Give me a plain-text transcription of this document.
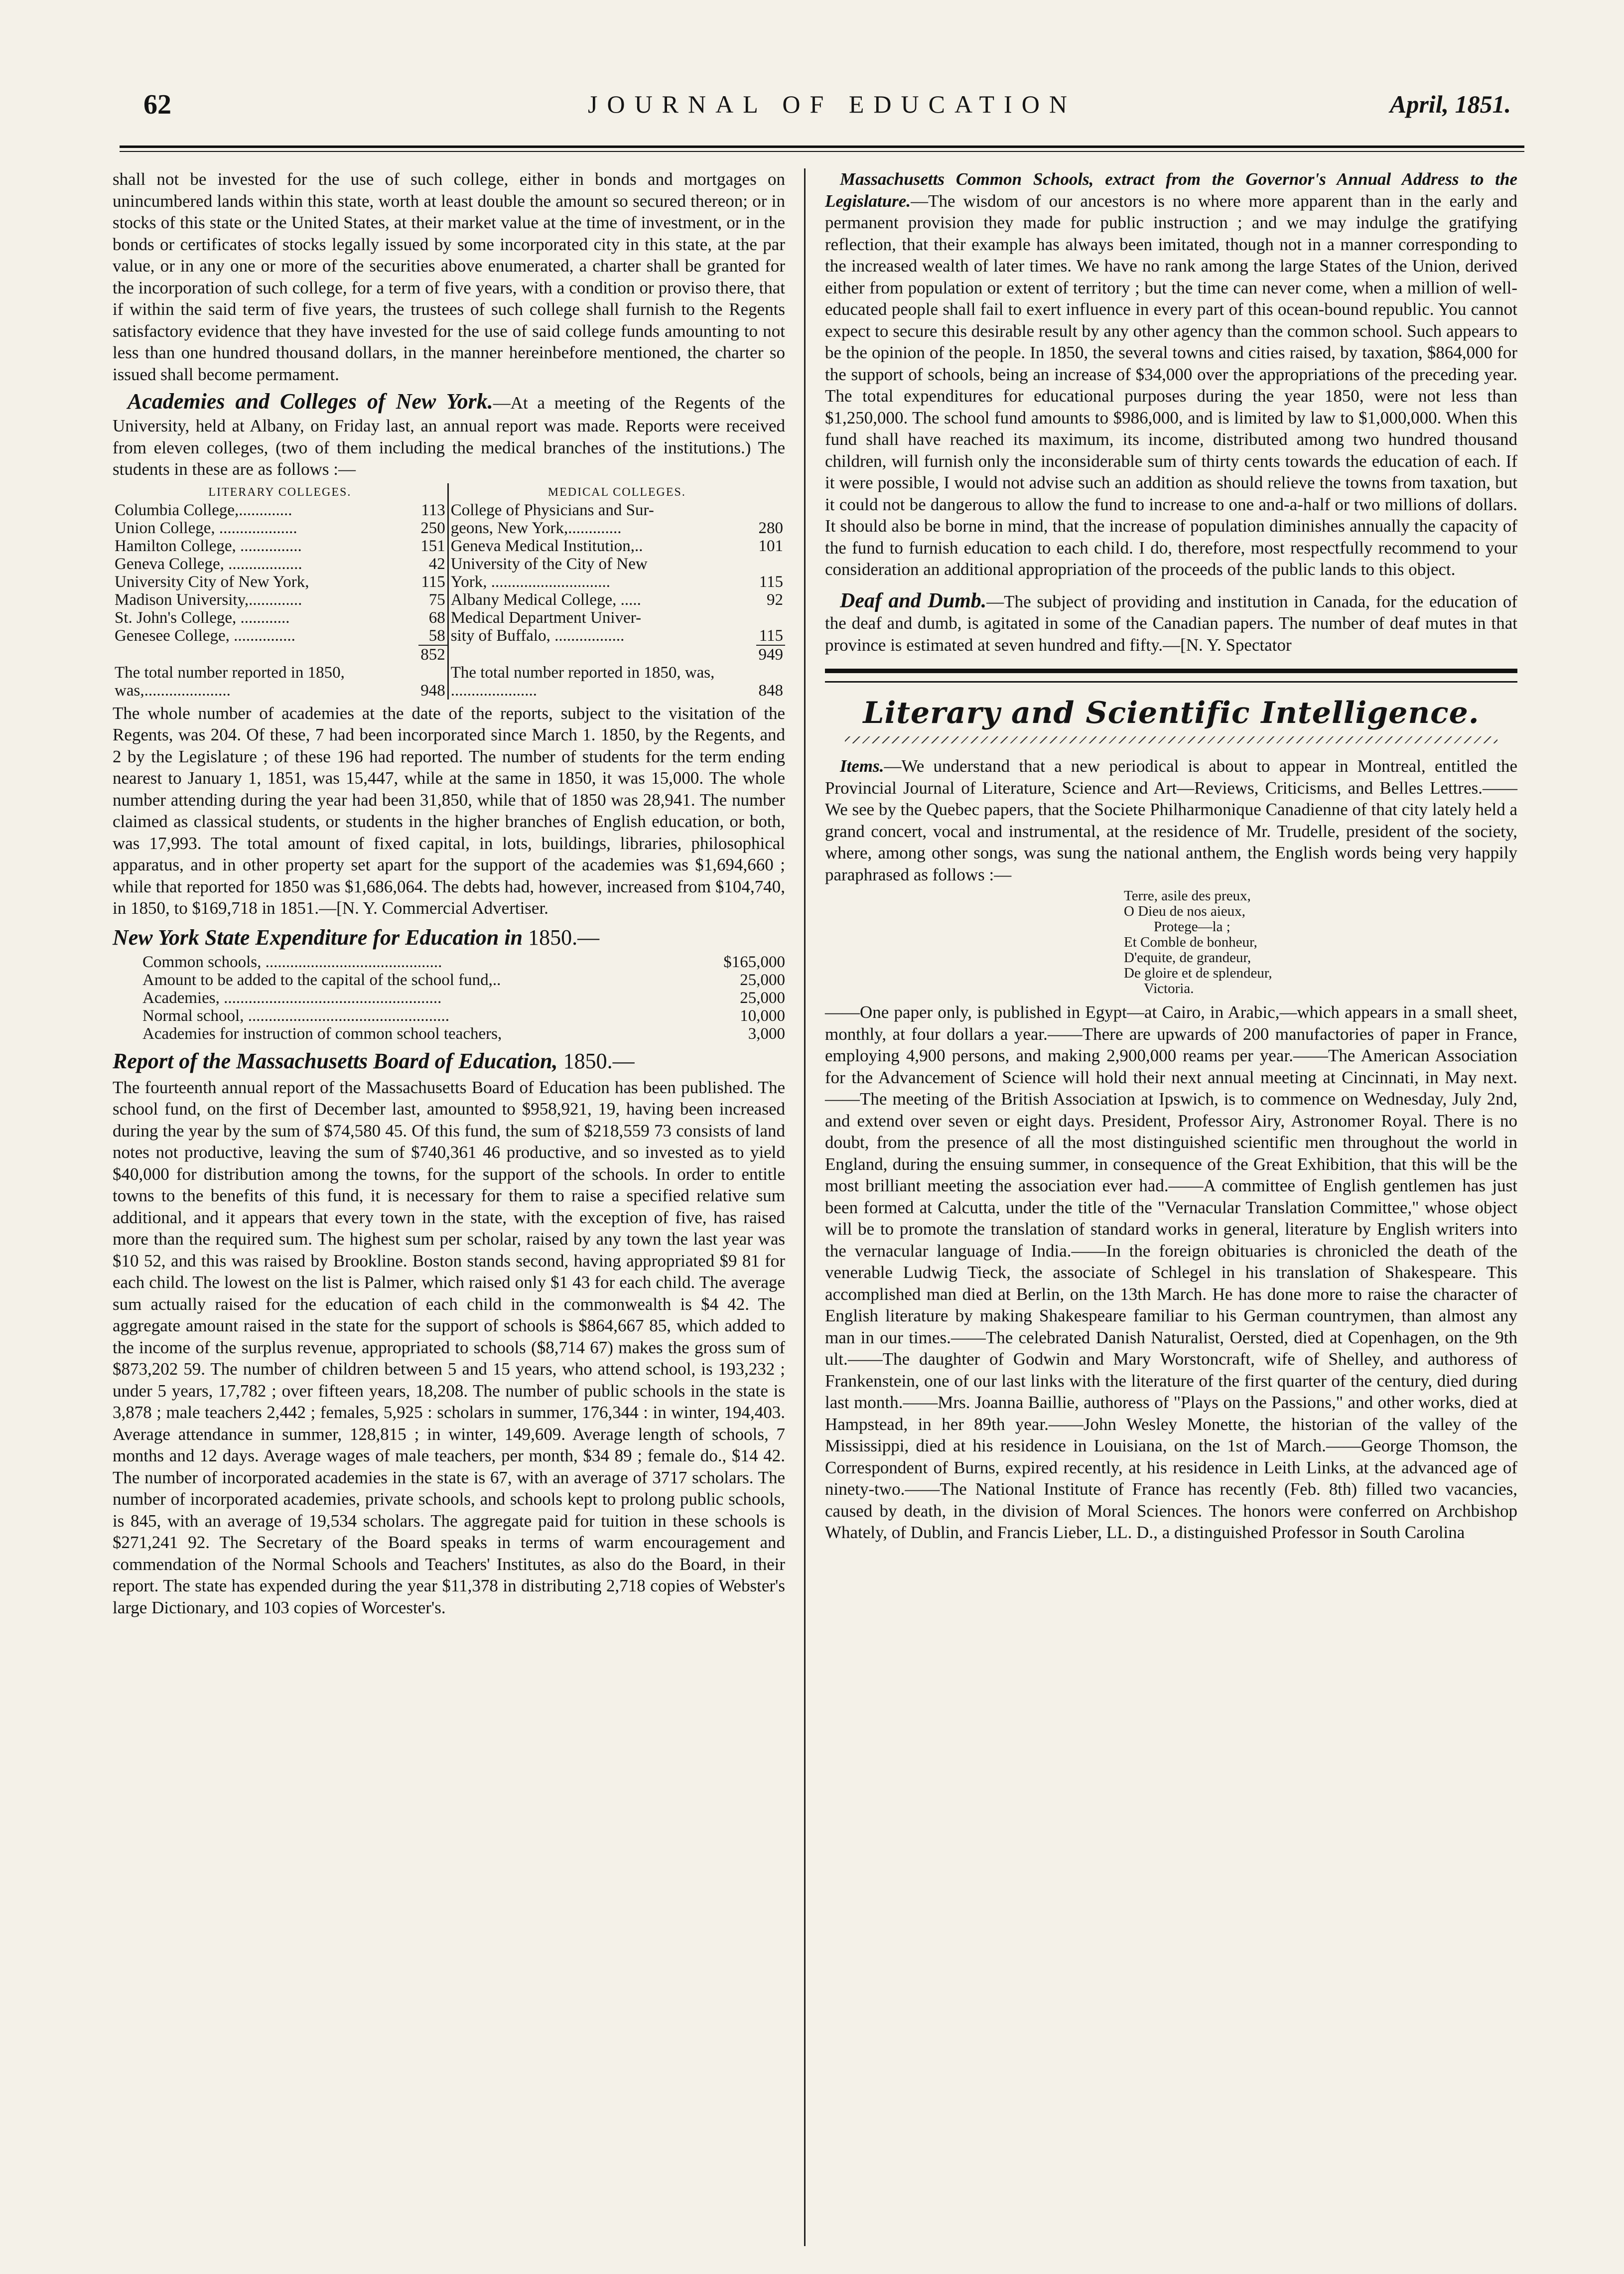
62	JOURNAL OF EDUCATION	April, 1851.

shall not be invested for the use of such college, either in bonds and mortgages on unincumbered lands within this state, worth at least double the amount so secured thereon; or in stocks of this state or the United States, at their market value at the time of investment, or in the bonds or certificates of stocks legally issued by some incorporated city in this state, at the par value, or in any one or more of the securities above enumerated, a charter shall be granted for the incorporation of such college, for a term of five years, with a condition or proviso there, that if within the said term of five years, the trustees of such college shall furnish to the Regents satisfactory evidence that they have invested for the use of said college funds amounting to not less than one hundred thousand dollars, in the manner hereinbefore mentioned, the charter so issued shall become permament.

Academies and Colleges of New York.—At a meeting of the Regents of the University, held at Albany, on Friday last, an annual report was made. Reports were received from eleven colleges, (two of them including the medical branches of the institutions.) The students in these are as follows :—

LITERARY COLLEGES.		MEDICAL COLLEGES.	
Columbia College,.............	113	College of Physicians and Sur-	
Union College, ...................	250	geons, New York,.............	280
Hamilton College, ...............	151	Geneva Medical Institution,..	101
Geneva College, ..................	42	University of the City of New	
University City of New York,	115	York, .............................	115
Madison University,.............	75	Albany Medical College, .....	92
St. John's College, ............	68	Medical Department Univer-	
Genesee College, ...............	58	sity of Buffalo, .................	115
	852		949
The total number reported in 1850, was,.....................	948	The total number reported in 1850, was, .....................	848

The whole number of academies at the date of the reports, subject to the visitation of the Regents, was 204. Of these, 7 had been incorporated since March 1. 1850, by the Regents, and 2 by the Legislature ; of these 196 had reported. The number of students for the term ending nearest to January 1, 1851, was 15,447, while at the same in 1850, it was 15,000. The whole number attending during the year had been 31,850, while that of 1850 was 28,941. The number claimed as classical students, or students in the higher branches of English education, or both, was 17,993. The total amount of fixed capital, in lots, buildings, libraries, philosophical apparatus, and in other property set apart for the support of the academies was $1,694,660 ; while that reported for 1850 was $1,686,064. The debts had, however, increased from $104,740, in 1850, to $169,718 in 1851.—[N. Y. Commercial Advertiser.

New York State Expenditure for Education in 1850.—
Common schools, ...........................................	$165,000
Amount to be added to the capital of the school fund,..	25,000
Academies, .....................................................	25,000
Normal school, .................................................	10,000
Academies for instruction of common school teachers,	3,000
Report of the Massachusetts Board of Education, 1850.—

The fourteenth annual report of the Massachusetts Board of Education has been published. The school fund, on the first of December last, amounted to $958,921, 19, having been increased during the year by the sum of $74,580 45. Of this fund, the sum of $218,559 73 consists of land notes not productive, leaving the sum of $740,361 46 productive, and so invested as to yield $40,000 for distribution among the towns, for the support of the schools. In order to entitle towns to the benefits of this fund, it is necessary for them to raise a specified relative sum additional, and it appears that every town in the state, with the exception of five, has raised more than the required sum. The highest sum per scholar, raised by any town the last year was $10 52, and this was raised by Brookline. Boston stands second, having appropriated $9 81 for each child. The lowest on the list is Palmer, which raised only $1 43 for each child. The average sum actually raised for the education of each child in the commonwealth is $4 42. The aggregate amount raised in the state for the support of schools is $864,667 85, which added to the income of the surplus revenue, appropriated to schools ($8,714 67) makes the gross sum of $873,202 59. The number of children between 5 and 15 years, who attend school, is 193,232 ; under 5 years, 17,782 ; over fifteen years, 18,208. The number of public schools in the state is 3,878 ; male teachers 2,442 ; females, 5,925 : scholars in summer, 176,344 : in winter, 194,403. Average attendance in summer, 128,815 ; in winter, 149,609. Average length of schools, 7 months and 12 days. Average wages of male teachers, per month, $34 89 ; female do., $14 42. The number of incorporated academies in the state is 67, with an average of 3717 scholars. The number of incorporated academies, private schools, and schools kept to prolong public schools, is 845, with an average of 19,534 scholars. The aggregate paid for tuition in these schools is $271,241 92. The Secretary of the Board speaks in terms of warm encouragement and commendation of the Normal Schools and Teachers' Institutes, as also do the Board, in their report. The state has expended during the year $11,378 in distributing 2,718 copies of Webster's large Dictionary, and 103 copies of Worcester's.

Massachusetts Common Schools, extract from the Governor's Annual Address to the Legislature.—The wisdom of our ancestors is no where more apparent than in the early and permanent provision they made for public instruction ; and we may indulge the gratifying reflection, that their example has always been imitated, though not in a manner corresponding to the increased wealth of later times. We have no rank among the large States of the Union, derived either from population or extent of territory ; but the time can never come, when a million of well-educated people shall fail to exert influence in every part of this ocean-bound republic. You cannot expect to secure this desirable result by any other agency than the common school. Such appears to be the opinion of the people. In 1850, the several towns and cities raised, by taxation, $864,000 for the support of schools, being an increase of $34,000 over the appropriations of the preceding year. The total expenditures for educational purposes during the year 1850, were not less than $1,250,000. The school fund amounts to $986,000, and is limited by law to $1,000,000. When this fund shall have reached its maximum, its income, distributed among two hundred thousand children, will furnish only the inconsiderable sum of thirty cents towards the education of each. If it were possible, I would not advise such an addition as should relieve the towns from taxation, but it could not be dangerous to allow the fund to increase to one and-a-half or two millions of dollars. It should also be borne in mind, that the increase of population diminishes annually the capacity of the fund to furnish education to each child. I do, therefore, most respectfully recommend to your consideration an additional appropriation of the proceeds of the public lands to this object.

Deaf and Dumb.—The subject of providing and institution in Canada, for the education of the deaf and dumb, is agitated in some of the Canadian papers. The number of deaf mutes in that province is estimated at seven hundred and fifty.—[N. Y. Spectator

Literary and Scientific Intelligence.

Items.—We understand that a new periodical is about to appear in Montreal, entitled the Provincial Journal of Literature, Science and Art—Reviews, Criticisms, and Belles Lettres.——We see by the Quebec papers, that the Societe Philharmonique Canadienne of that city lately held a grand concert, vocal and instrumental, at the residence of Mr. Trudelle, president of the society, where, among other songs, was sung the national anthem, the English words being very happily paraphrased as follows :—

Terre, asile des preux,
O Dieu de nos aieux,
Protege—la ;
Et Comble de bonheur,
D'equite, de grandeur,
De gloire et de splendeur,
Victoria.

——One paper only, is published in Egypt—at Cairo, in Arabic,—which appears in a small sheet, monthly, at four dollars a year.——There are upwards of 200 manufactories of paper in France, employing 4,900 persons, and making 2,900,000 reams per year.——The American Association for the Advancement of Science will hold their next annual meeting at Cincinnati, in May next.——The meeting of the British Association at Ipswich, is to commence on Wednesday, July 2nd, and extend over seven or eight days. President, Professor Airy, Astronomer Royal. There is no doubt, from the presence of all the most distinguished scientific men throughout the world in England, during the ensuing summer, in consequence of the Great Exhibition, that this will be the most brilliant meeting the association ever had.——A committee of English gentlemen has just been formed at Calcutta, under the title of the "Vernacular Translation Committee," whose object will be to promote the translation of standard works in general, literature by English writers into the vernacular language of India.——In the foreign obituaries is chronicled the death of the venerable Ludwig Tieck, the associate of Schlegel in his translation of Shakespeare. This accomplished man died at Berlin, on the 13th March. He has done more to raise the character of English literature by making Shakespeare familiar to his German countrymen, than almost any man in our times.——The celebrated Danish Naturalist, Oersted, died at Copenhagen, on the 9th ult.——The daughter of Godwin and Mary Worstoncraft, wife of Shelley, and authoress of Frankenstein, one of our last links with the literature of the first quarter of the century, died during last month.——Mrs. Joanna Baillie, authoress of "Plays on the Passions," and other works, died at Hampstead, in her 89th year.——John Wesley Monette, the historian of the valley of the Mississippi, died at his residence in Louisiana, on the 1st of March.——George Thomson, the Correspondent of Burns, expired recently, at his residence in Leith Links, at the advanced age of ninety-two.——The National Institute of France has recently (Feb. 8th) filled two vacancies, caused by death, in the division of Moral Sciences. The honors were conferred on Archbishop Whately, of Dublin, and Francis Lieber, LL. D., a distinguished Professor in South Carolina
